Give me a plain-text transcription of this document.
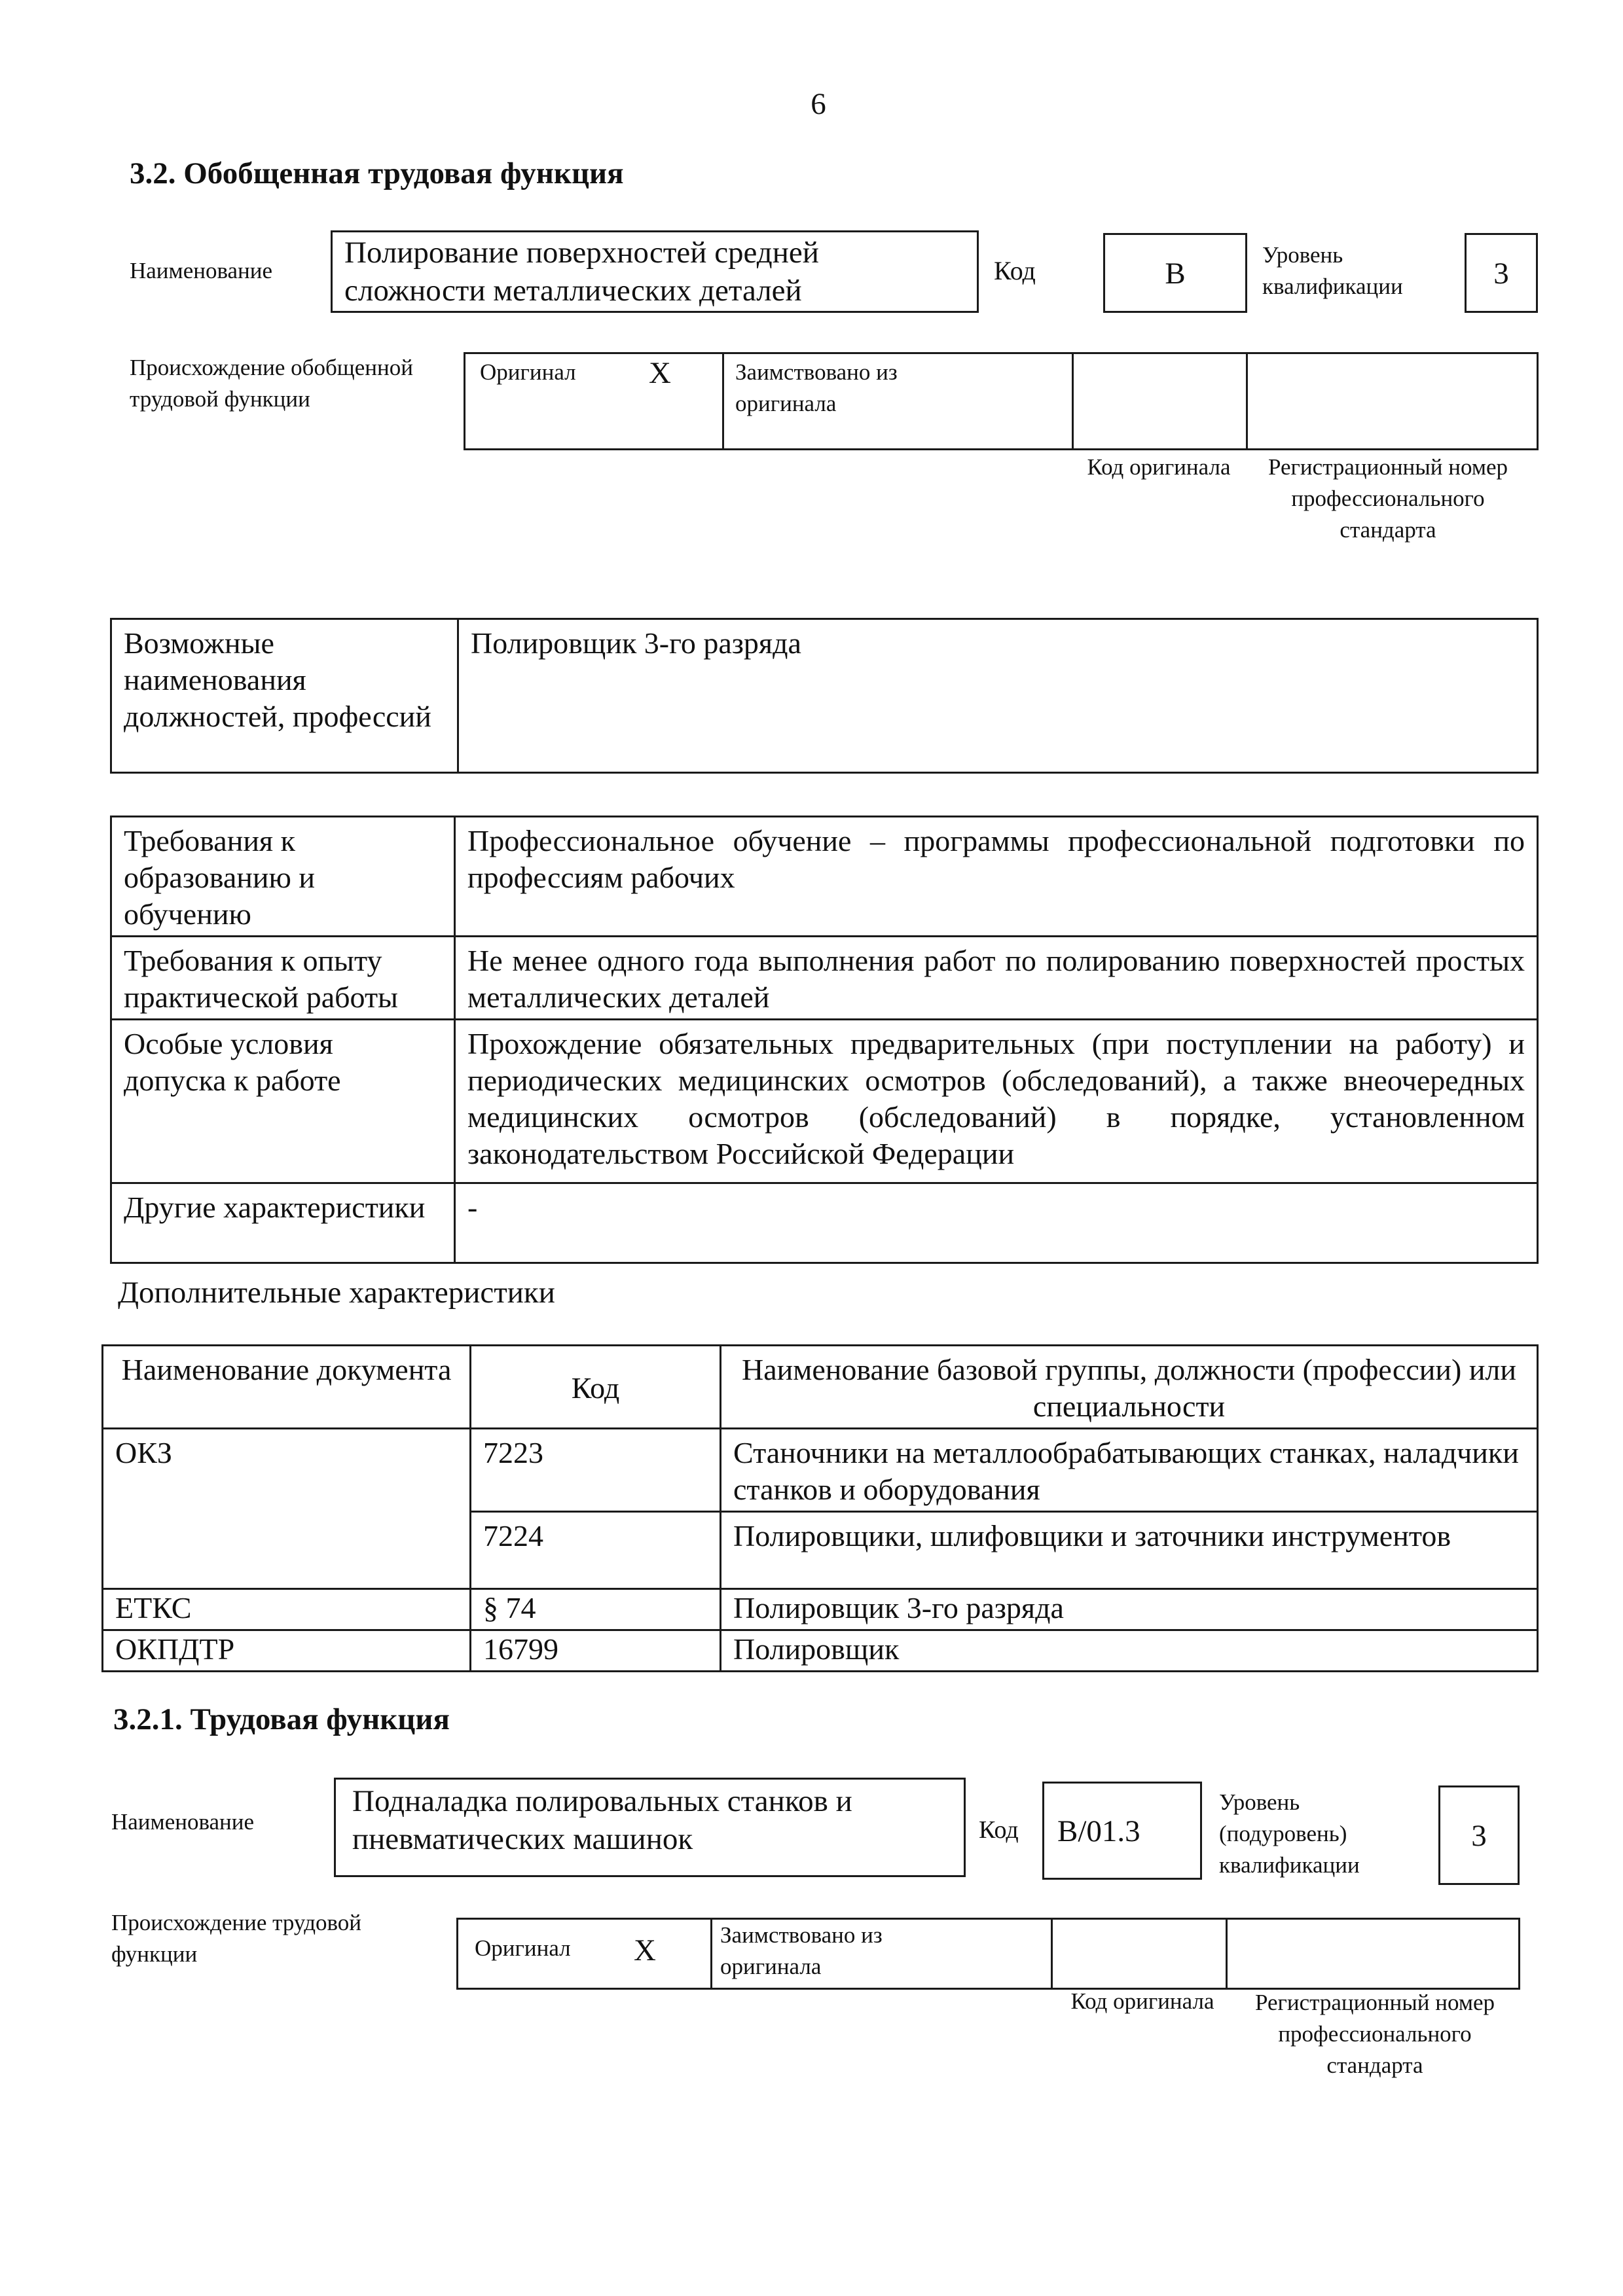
6
3.2. Обобщенная трудовая функция
Наименование
Полирование поверхностей средней сложности металлических деталей
Код	В
Уровень квалификации	3
Происхождение обобщенной трудовой функции
Оригинал X	Заимствовано из оригинала
Код оригинала	Регистрационный номер профессионального стандарта
Возможные наименования должностей, профессий	Полировщик 3-го разряда
Требования к образованию и обучению	Профессиональное обучение – программы профессиональной подготовки по профессиям рабочих
Требования к опыту практической работы	Не менее одного года выполнения работ по полированию поверхностей простых металлических деталей
Особые условия допуска к работе	Прохождение обязательных предварительных (при поступлении на работу) и периодических медицинских осмотров (обследований), а также внеочередных медицинских осмотров (обследований) в порядке, установленном законодательством Российской Федерации
Другие характеристики	-
Дополнительные характеристики
Наименование документа	Код	Наименование базовой группы, должности (профессии) или специальности
ОКЗ	7223	Станочники на металлообрабатывающих станках, наладчики станков и оборудования
	7224	Полировщики, шлифовщики и заточники инструментов
ЕТКС	§ 74	Полировщик 3-го разряда
ОКПДТР	16799	Полировщик
3.2.1. Трудовая функция
Наименование
Подналадка полировальных станков и пневматических машинок	Код	B/01.3
Уровень (подуровень) квалификации
3
Происхождение трудовой функции	Оригинал X	Заимствовано из оригинала
Код оригинала	Регистрационный номер профессионального стандарта
